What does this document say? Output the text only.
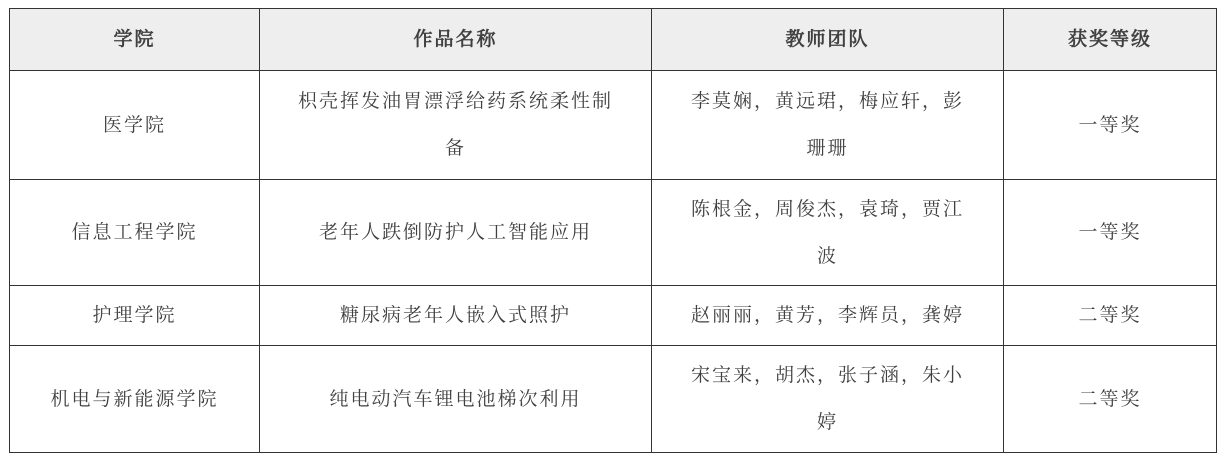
学院	作品名称	教师团队	获奖等级
医学院	枳壳挥发油胃漂浮给药系统柔性制备	李莫娴，黄远珺，梅应轩，彭珊珊	一等奖
信息工程学院	老年人跌倒防护人工智能应用	陈根金，周俊杰，袁琦，贾江波	一等奖
护理学院	糖尿病老年人嵌入式照护	赵丽丽，黄芳，李辉员，龚婷	二等奖
机电与新能源学院	纯电动汽车锂电池梯次利用	宋宝来，胡杰，张子涵，朱小婷	二等奖
